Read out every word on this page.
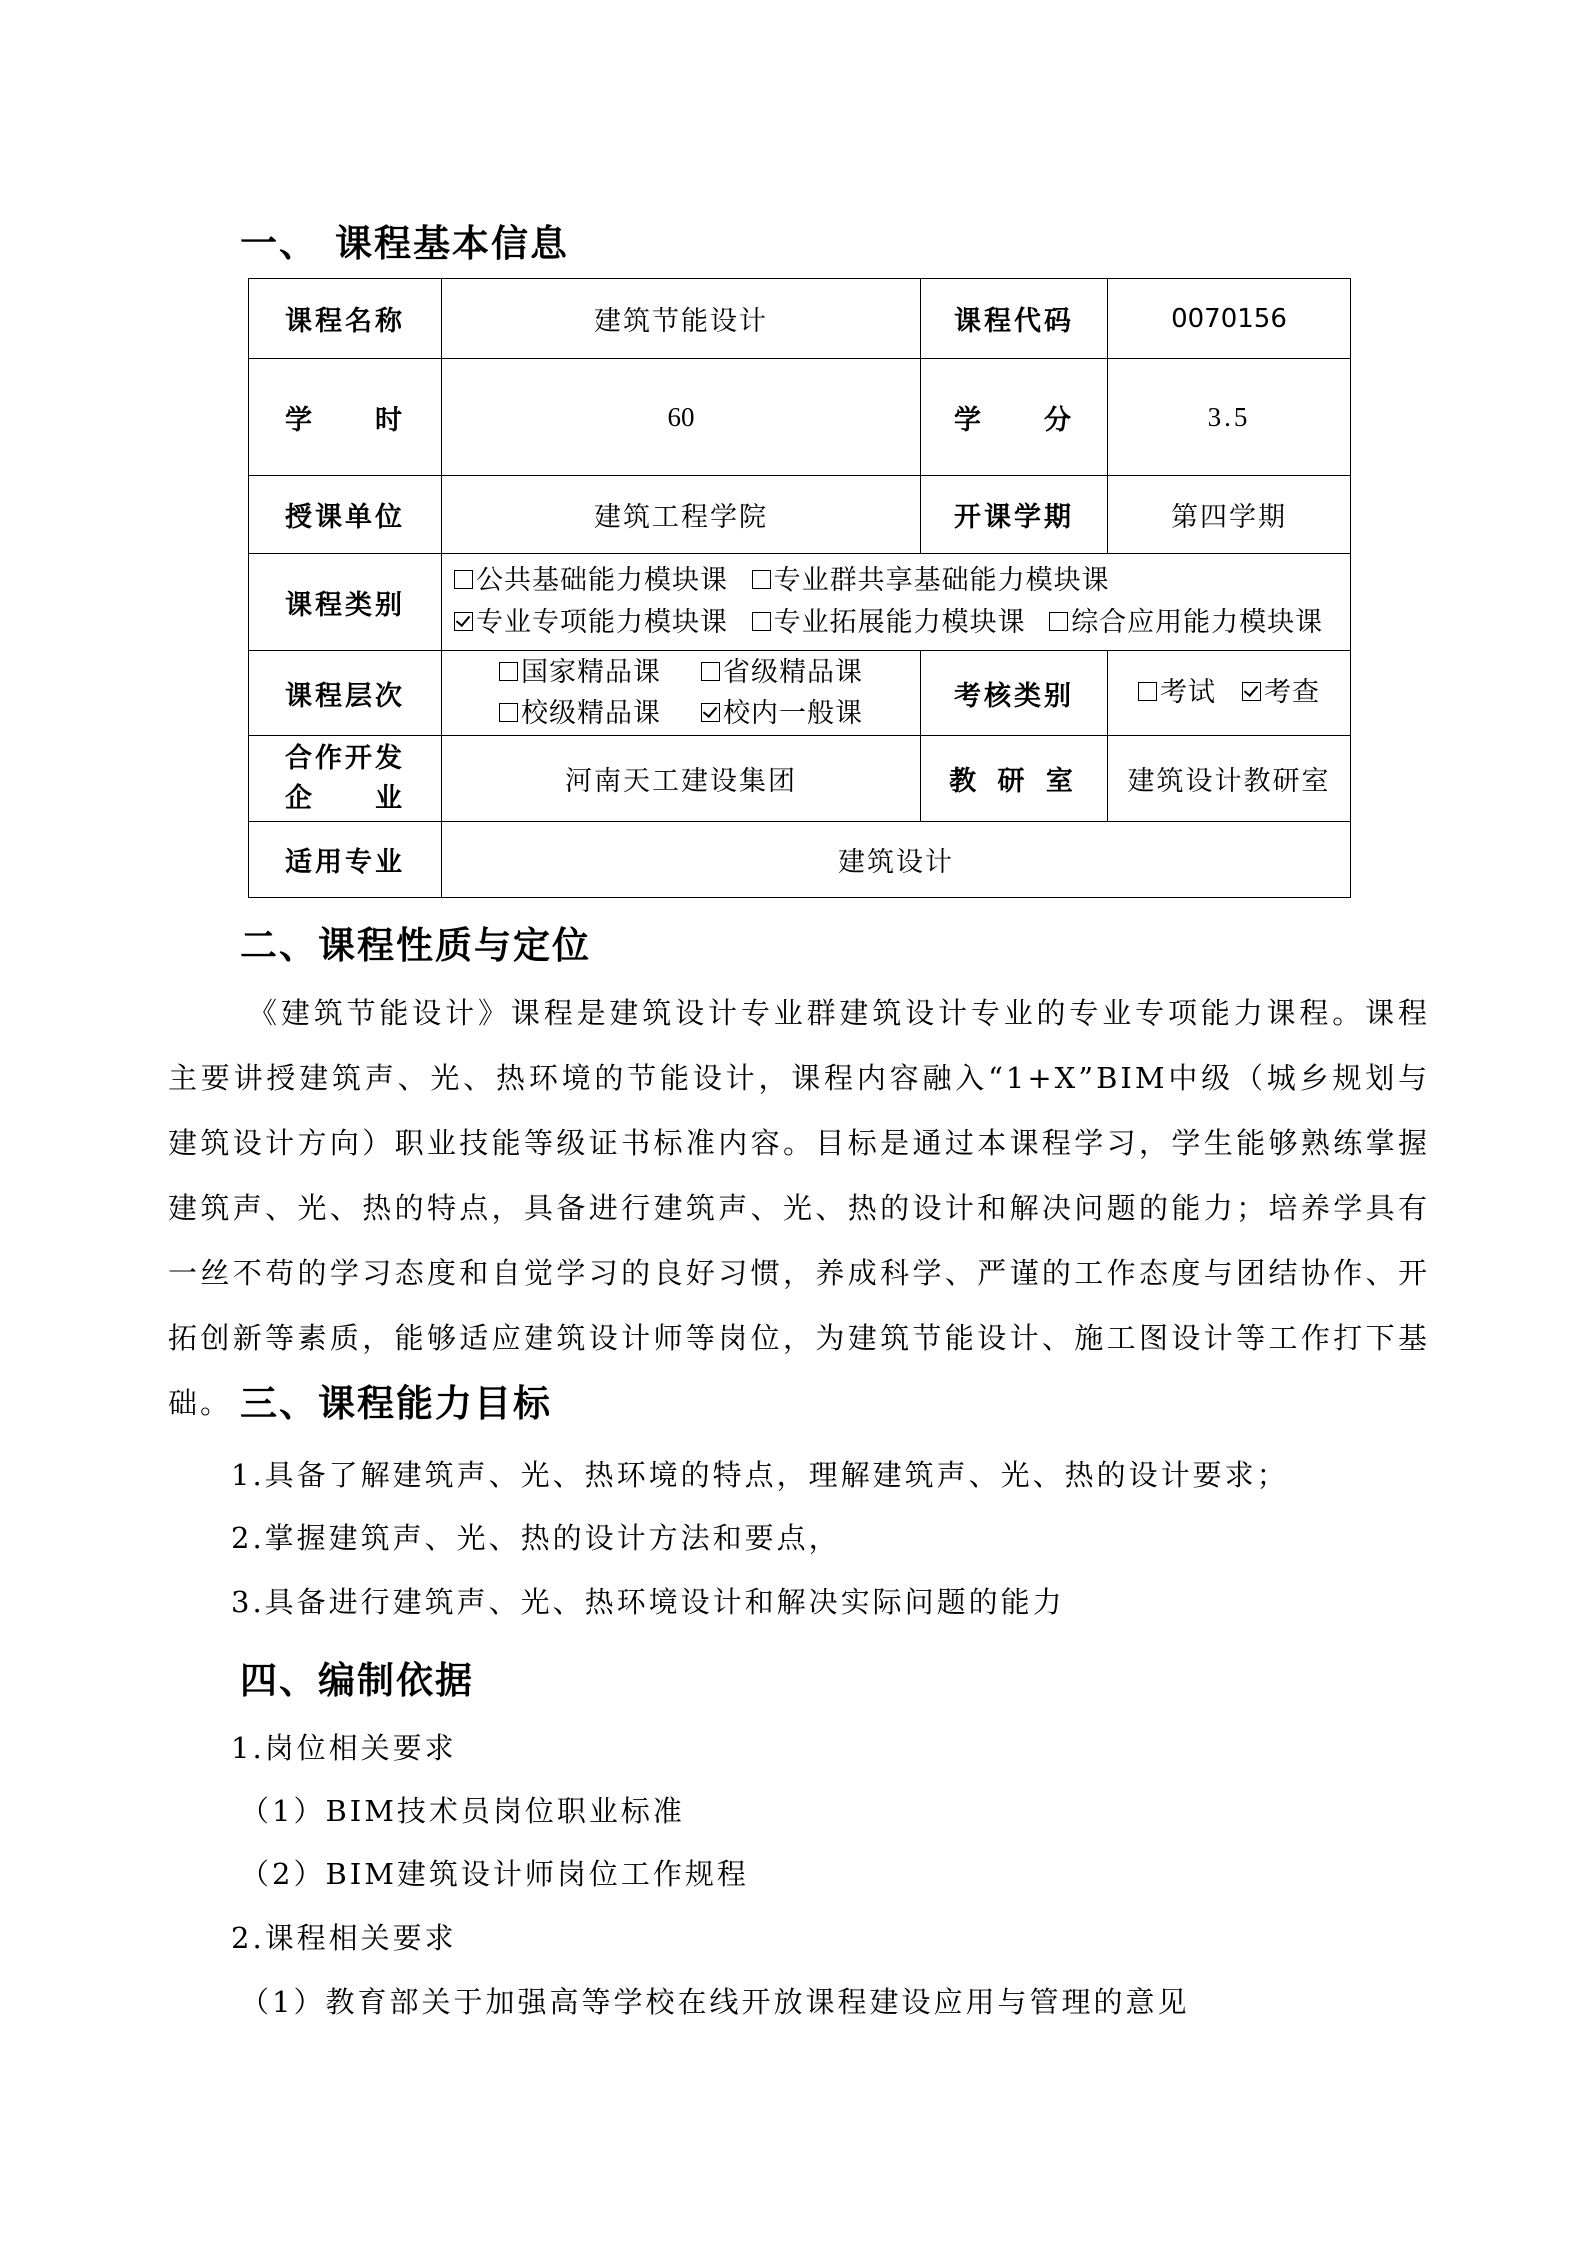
一、 课程基本信息
课程名称	建筑节能设计	课程代码	0070156
学　　时	60	学　　分	3.5
授课单位	建筑工程学院	开课学期	第四学期
课程类别	公共基础能力模块课 专业群共享基础能力模块课
专业专项能力模块课 专业拓展能力模块课 综合应用能力模块课		

课程层次	国家精品课 省级精品课
校级精品课 校内一般课	考核类别	考试 考查

合作开发
企　　业	河南天工建设集团	教 研 室	建筑设计教研室
适用专业	建筑设计		
二、课程性质与定位
《建筑节能设计》课程是建筑设计专业群建筑设计专业的专业专项能力课程。课程主要讲授建筑声、光、热环境的节能设计，课程内容融入“1+X”BIM中级（城乡规划与建筑设计方向）职业技能等级证书标准内容。目标是通过本课程学习，学生能够熟练掌握建筑声、光、热的特点，具备进行建筑声、光、热的设计和解决问题的能力；培养学具有一丝不苟的学习态度和自觉学习的良好习惯，养成科学、严谨的工作态度与团结协作、开拓创新等素质，能够适应建筑设计师等岗位，为建筑节能设计、施工图设计等工作打下基础。 三、课程能力目标
1.具备了解建筑声、光、热环境的特点，理解建筑声、光、热的设计要求；
2.掌握建筑声、光、热的设计方法和要点，
3.具备进行建筑声、光、热环境设计和解决实际问题的能力
四、编制依据
1.岗位相关要求
（1）BIM技术员岗位职业标准
（2）BIM建筑设计师岗位工作规程
2.课程相关要求
（1）教育部关于加强高等学校在线开放课程建设应用与管理的意见
